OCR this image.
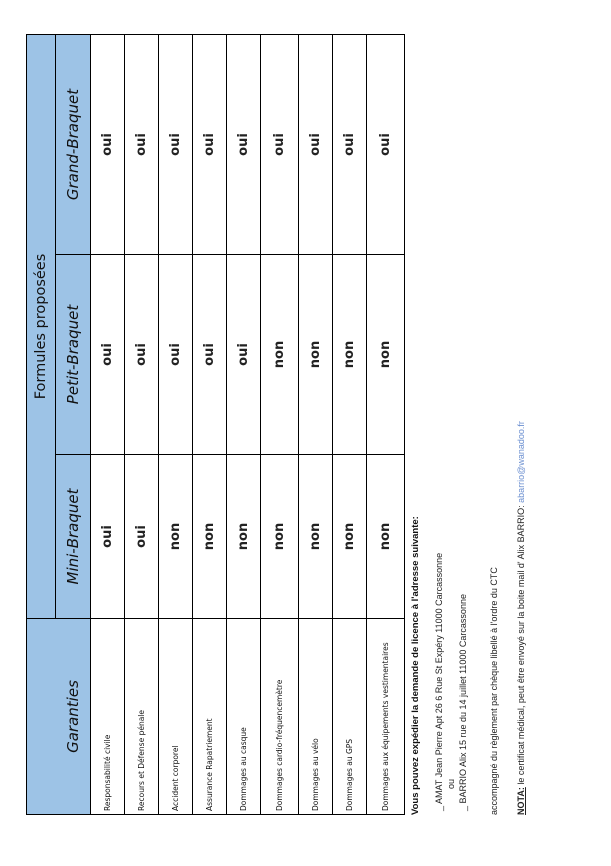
	Formules proposées		
Garanties	Mini-Braquet	Petit-Braquet	Grand-Braquet
Responsabilité civile	oui	oui	oui
Recours et Défense pénale	oui	oui	oui
Accident corporel	non	oui	oui
Assurance Rapatriement	non	oui	oui
Dommages au casque	non	oui	oui
Dommages cardio-fréquencemètre	non	non	oui
Dommages au vélo	non	non	oui
Dommages au GPS	non	non	oui
Dommages aux équipements vestimentaires	non	non	oui
Vous pouvez expédier la demande de licence à l'adresse suivante: _ AMAT Jean Pierre Apt 26 6 Rue St Expéry 11000 Carcassonne ou _ BARRIO Alix 15 rue du 14 juillet 11000 Carcassonne accompagné du règlement par chèque libellé à l'ordre du CTC NOTA: le certificat médical, peut être envoyé sur la boite mail d' Alix BARRIO: abarrio@wanadoo.fr
